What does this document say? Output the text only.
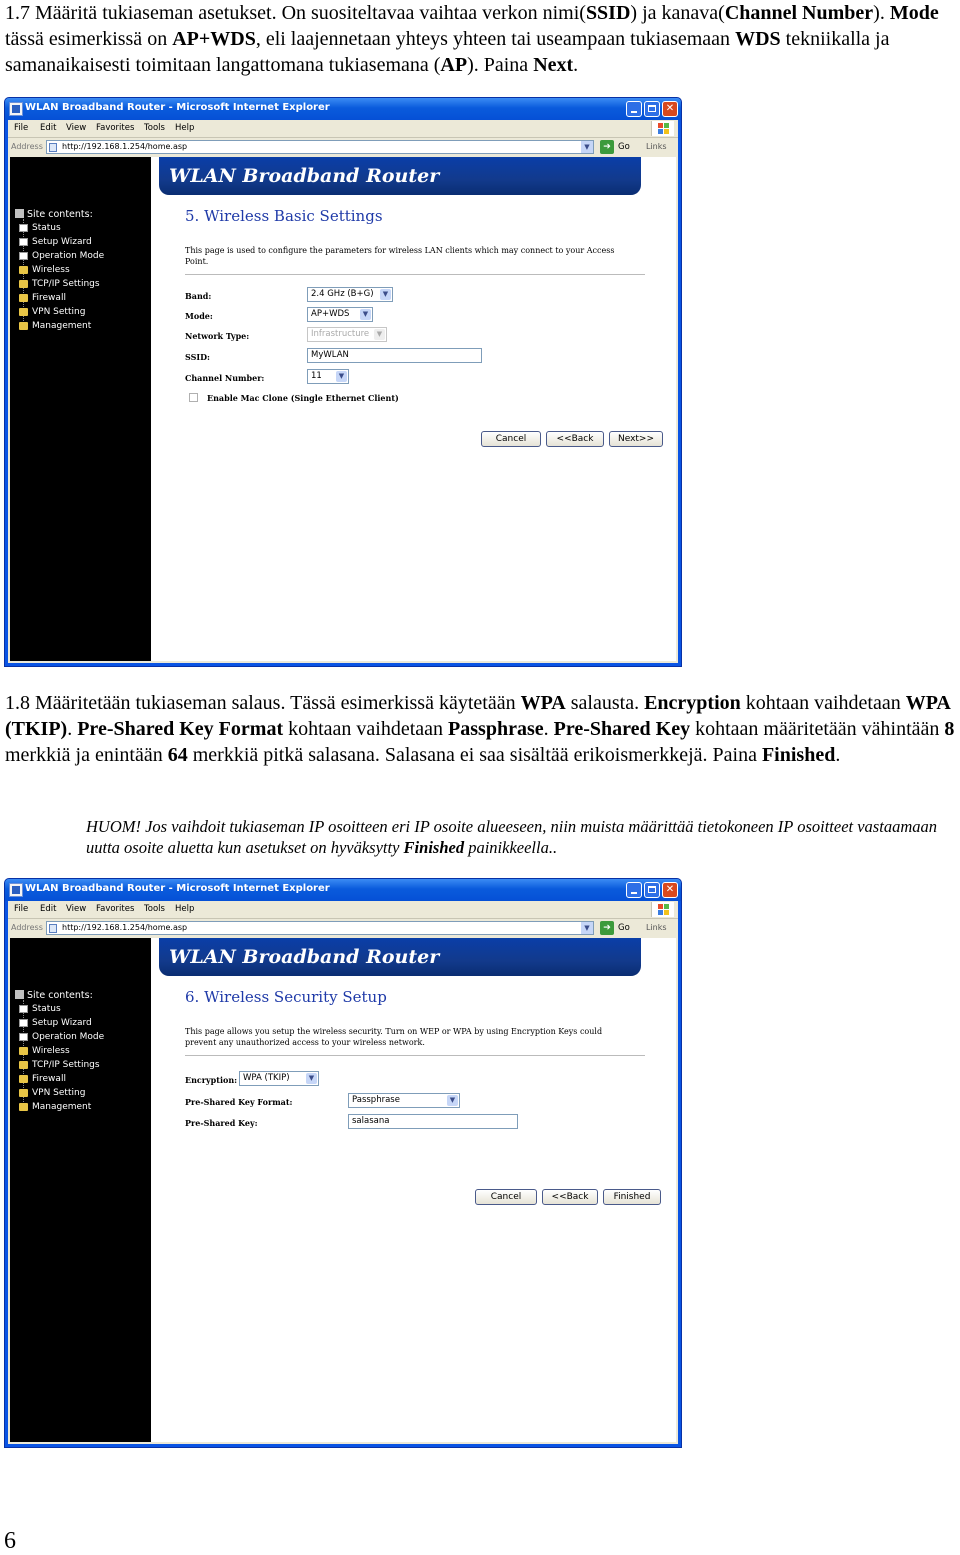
1.7 Määritä tukiaseman asetukset. On suositeltavaa vaihtaa verkon nimi(SSID) ja kanava(Channel Number). Mode tässä esimerkissä on AP+WDS, eli laajennetaan yhteys yhteen tai useampaan tukiasemaan WDS tekniikalla ja samanaikaisesti toimitaan langattomana tukiasemana (AP). Paina Next.
WLAN Broadband Router - Microsoft Internet Explorer	✕
File Edit View Favorites Tools Help
Address http://192.168.1.254/home.asp	▼	➔ Go Links
Site contents:
Status
Setup Wizard
Operation Mode
Wireless
TCP/IP Settings
Firewall
VPN Setting
Management
WLAN Broadband Router
5. Wireless Basic Settings
This page is used to configure the parameters for wireless LAN clients which may connect to your Access Point.
Band:	2.4 GHz (B+G)	▼
Mode:	AP+WDS	▼
Network Type:	Infrastructure	▼
SSID:	MyWLAN
Channel Number:	11	▼
Enable Mac Clone (Single Ethernet Client)
Cancel	<<Back	Next>>
1.8 Määritetään tukiaseman salaus. Tässä esimerkissä käytetään WPA salausta. Encryption kohtaan vaihdetaan WPA (TKIP). Pre-Shared Key Format kohtaan vaihdetaan Passphrase. Pre-Shared Key kohtaan määritetään vähintään 8 merkkiä ja enintään 64 merkkiä pitkä salasana. Salasana ei saa sisältää erikoismerkkejä. Paina Finished.
HUOM! Jos vaihdoit tukiaseman IP osoitteen eri IP osoite alueeseen, niin muista määrittää tietokoneen IP osoitteet vastaamaan uutta osoite aluetta kun asetukset on hyväksytty Finished painikkeella..
WLAN Broadband Router - Microsoft Internet Explorer	✕
File Edit View Favorites Tools Help
Address http://192.168.1.254/home.asp	▼	➔ Go Links
Site contents:
Status
Setup Wizard
Operation Mode
Wireless
TCP/IP Settings
Firewall
VPN Setting
Management
WLAN Broadband Router
6. Wireless Security Setup
This page allows you setup the wireless security. Turn on WEP or WPA by using Encryption Keys could prevent any unauthorized access to your wireless network.
Encryption: WPA (TKIP)	▼
Pre-Shared Key Format:	Passphrase	▼
Pre-Shared Key:	salasana
Cancel	<<Back	Finished
6
